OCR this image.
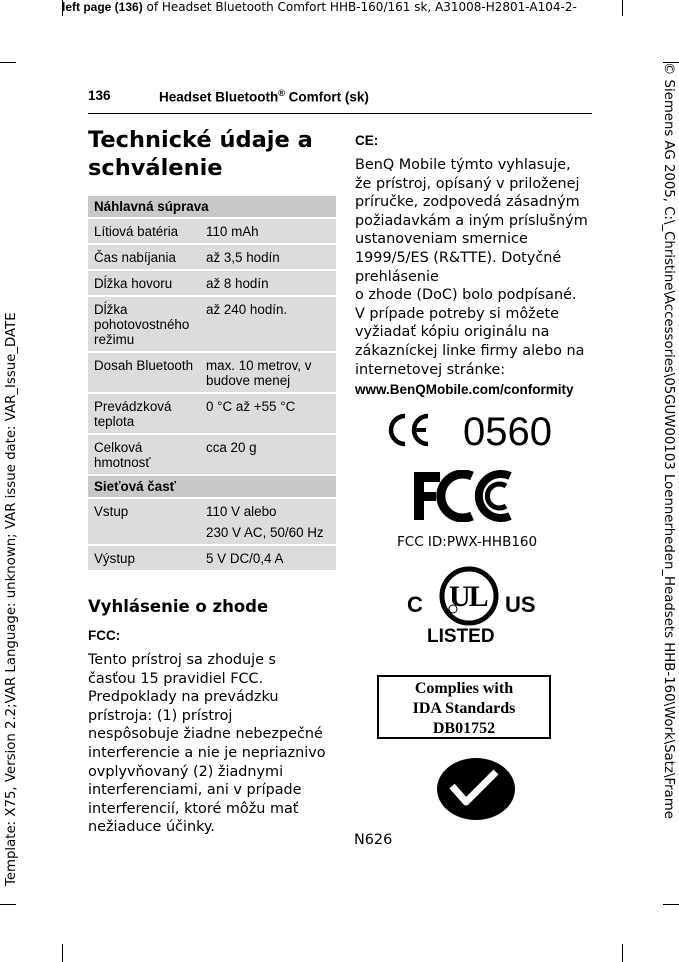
left page (136) of Headset Bluetooth Comfort HHB-160/161 sk, A31008-H2801-A104-2-
Template: X75, Version 2.2;VAR Language: unknown; VAR issue date: VAR_Issue_DATE	© Siemens AG 2005, C:\_Christine\Accessories\05GUW00103 Loennerheden_Headsets HHB-160\Work\Satz\Frame
136	Headset Bluetooth® Comfort (sk)
Technické údaje a schválenie
Náhlavná súprava	
Lítiová batéria	110 mAh
Čas nabíjania	až 3,5 hodín
Dĺžka hovoru	až 8 hodín
Dĺžka pohotovostného režimu	až 240 hodín.
Dosah Bluetooth	max. 10 metrov, v budove menej
Prevádzková teplota	0 °C až +55 °C
Celková hmotnosť	cca 20 g
Sieťová časť	
Vstup	110 V alebo
230 V AC, 50/60 Hz

Výstup	5 V DC/0,4 A
Vyhlásenie o zhode
FCC:
Tento prístroj sa zhoduje s
časťou 15 pravidiel FCC.
Predpoklady na prevádzku
prístroja: (1) prístroj
nespôsobuje žiadne nebezpečné
interferencie a nie je nepriaznivo
ovplyvňovaný (2) žiadnymi
interferenciami, ani v prípade
interferencií, ktoré môžu mať
nežiaduce účinky.
CE:
BenQ Mobile týmto vyhlasuje,
že prístroj, opísaný v priloženej
príručke, zodpovedá zásadným
požiadavkám a iným príslušným
ustanoveniam smernice
1999/5/ES (R&TTE). Dotyčné
prehlásenie
o zhode (DoC) bolo podpísané.
V prípade potreby si môžete
vyžiadať kópiu originálu na
zákazníckej linke firmy alebo na
internetovej stránke:
www.BenQMobile.com/conformity
0560
FCC ID:PWX-HHB160
C UL US
LISTED
Complies with
IDA Standards
DB01752
N626
